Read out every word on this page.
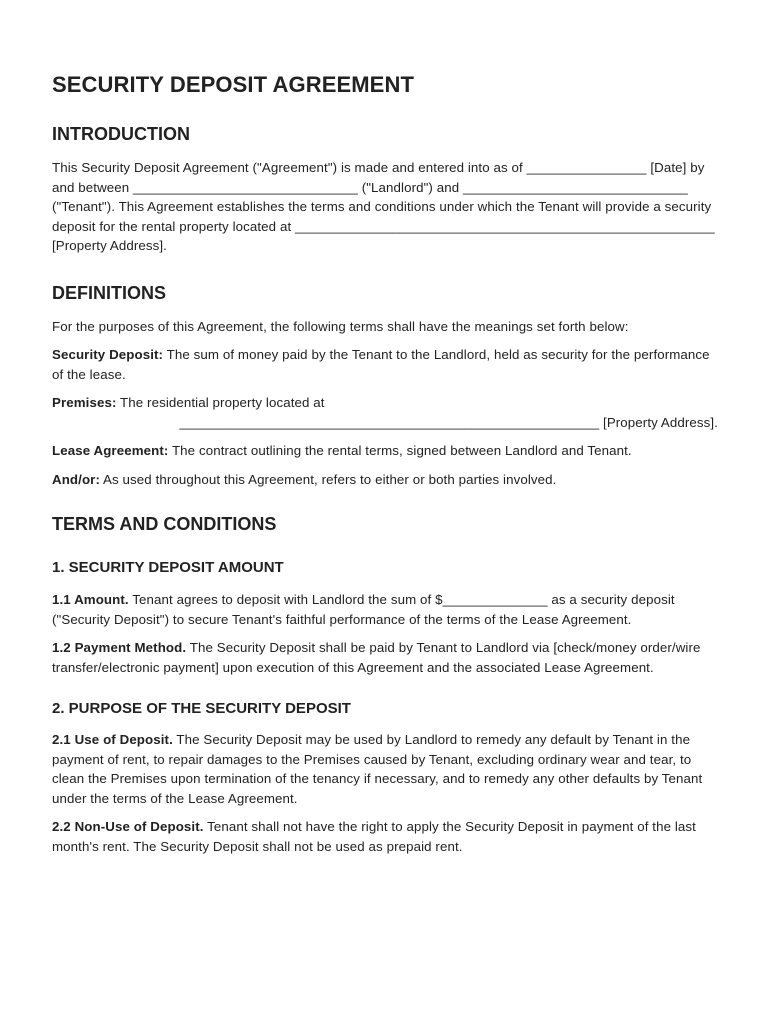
SECURITY DEPOSIT AGREEMENT
INTRODUCTION

This Security Deposit Agreement ("Agreement") is made and entered into as of ________________ [Date] by and between ______________________________ ("Landlord") and ______________________________ ("Tenant"). This Agreement establishes the terms and conditions under which the Tenant will provide a security deposit for the rental property located at ________________________________________________________ [Property Address].

DEFINITIONS

For the purposes of this Agreement, the following terms shall have the meanings set forth below:

Security Deposit: The sum of money paid by the Tenant to the Landlord, held as security for the performance of the lease.

Premises: The residential property located at
________________________________________________________ [Property Address].

Lease Agreement: The contract outlining the rental terms, signed between Landlord and Tenant.

And/or: As used throughout this Agreement, refers to either or both parties involved.

TERMS AND CONDITIONS
1. SECURITY DEPOSIT AMOUNT

1.1 Amount. Tenant agrees to deposit with Landlord the sum of $______________ as a security deposit ("Security Deposit") to secure Tenant's faithful performance of the terms of the Lease Agreement.

1.2 Payment Method. The Security Deposit shall be paid by Tenant to Landlord via [check/money order/wire transfer/electronic payment] upon execution of this Agreement and the associated Lease Agreement.

2. PURPOSE OF THE SECURITY DEPOSIT

2.1 Use of Deposit. The Security Deposit may be used by Landlord to remedy any default by Tenant in the payment of rent, to repair damages to the Premises caused by Tenant, excluding ordinary wear and tear, to clean the Premises upon termination of the tenancy if necessary, and to remedy any other defaults by Tenant under the terms of the Lease Agreement.

2.2 Non-Use of Deposit. Tenant shall not have the right to apply the Security Deposit in payment of the last month's rent. The Security Deposit shall not be used as prepaid rent.
